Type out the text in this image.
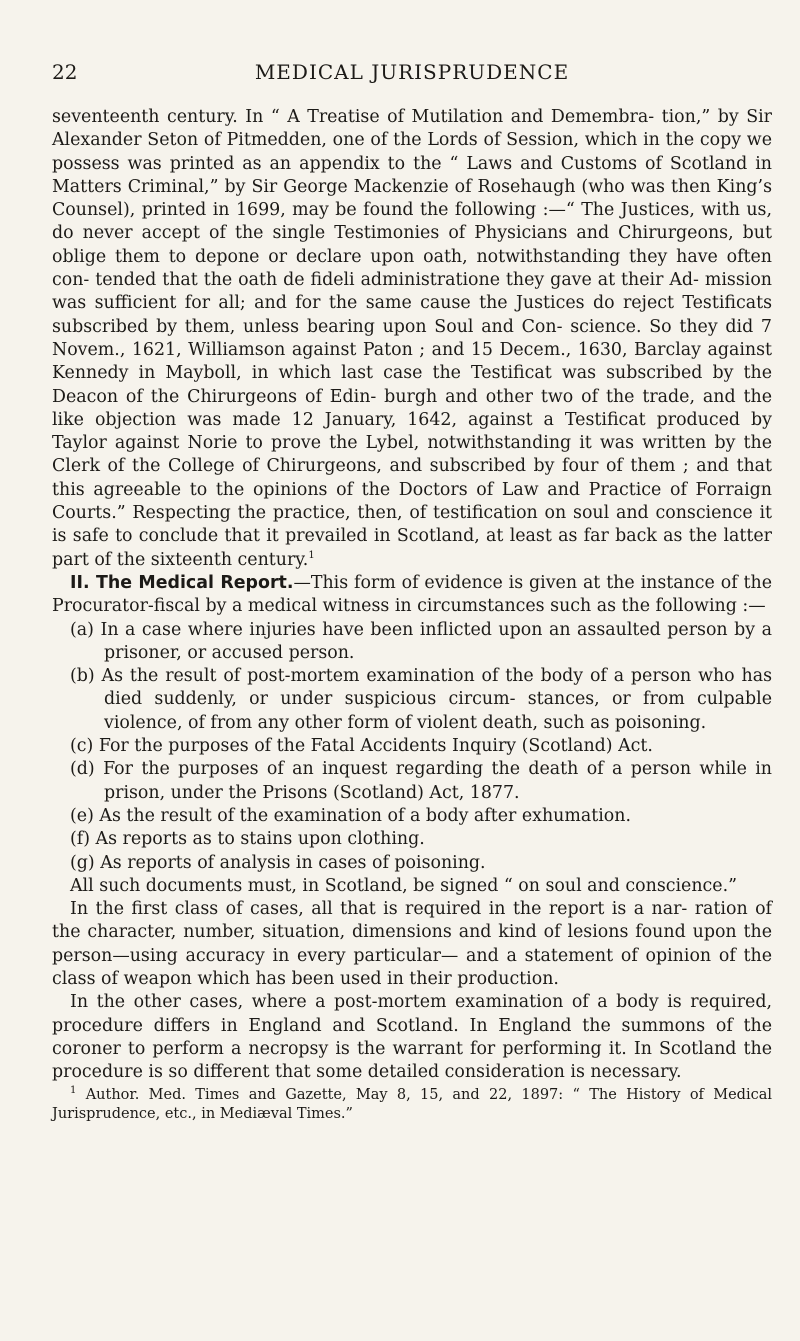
22	MEDICAL JURISPRUDENCE

seventeenth century. In “ A Treatise of Mutilation and Demembra- tion,” by Sir Alexander Seton of Pitmedden, one of the Lords of Session, which in the copy we possess was printed as an appendix to the “ Laws and Customs of Scotland in Matters Criminal,” by Sir George Mackenzie of Rosehaugh (who was then King’s Counsel), printed in 1699, may be found the following :—“ The Justices, with us, do never accept of the single Testimonies of Physicians and Chirurgeons, but oblige them to depone or declare upon oath, notwithstanding they have often con- tended that the oath de fideli administratione they gave at their Ad- mission was sufficient for all; and for the same cause the Justices do reject Testificats subscribed by them, unless bearing upon Soul and Con- science. So they did 7 Novem., 1621, Williamson against Paton ; and 15 Decem., 1630, Barclay against Kennedy in Mayboll, in which last case the Testificat was subscribed by the Deacon of the Chirurgeons of Edin- burgh and other two of the trade, and the like objection was made 12 January, 1642, against a Testificat produced by Taylor against Norie to prove the Lybel, notwithstanding it was written by the Clerk of the College of Chirurgeons, and subscribed by four of them ; and that this agreeable to the opinions of the Doctors of Law and Practice of Forraign Courts.” Respecting the practice, then, of testification on soul and conscience it is safe to conclude that it prevailed in Scotland, at least as far back as the latter part of the sixteenth century.$^1$

II. The Medical Report.—This form of evidence is given at the instance of the Procurator-fiscal by a medical witness in circumstances such as the following :—

(a) In a case where injuries have been inflicted upon an assaulted person by a prisoner, or accused person.
(b) As the result of post-mortem examination of the body of a person who has died suddenly, or under suspicious circum- stances, or from culpable violence, of from any other form of violent death, such as poisoning.
(c) For the purposes of the Fatal Accidents Inquiry (Scotland) Act.
(d) For the purposes of an inquest regarding the death of a person while in prison, under the Prisons (Scotland) Act, 1877.
(e) As the result of the examination of a body after exhumation.
(f) As reports as to stains upon clothing.
(g) As reports of analysis in cases of poisoning.

All such documents must, in Scotland, be signed “ on soul and conscience.”

In the first class of cases, all that is required in the report is a nar- ration of the character, number, situation, dimensions and kind of lesions found upon the person—using accuracy in every particular— and a statement of opinion of the class of weapon which has been used in their production.

In the other cases, where a post-mortem examination of a body is required, procedure differs in England and Scotland. In England the summons of the coroner to perform a necropsy is the warrant for performing it. In Scotland the procedure is so different that some detailed consideration is necessary.

$^1$ Author. Med. Times and Gazette, May 8, 15, and 22, 1897: “ The History of Medical Jurisprudence, etc., in Mediæval Times.”
